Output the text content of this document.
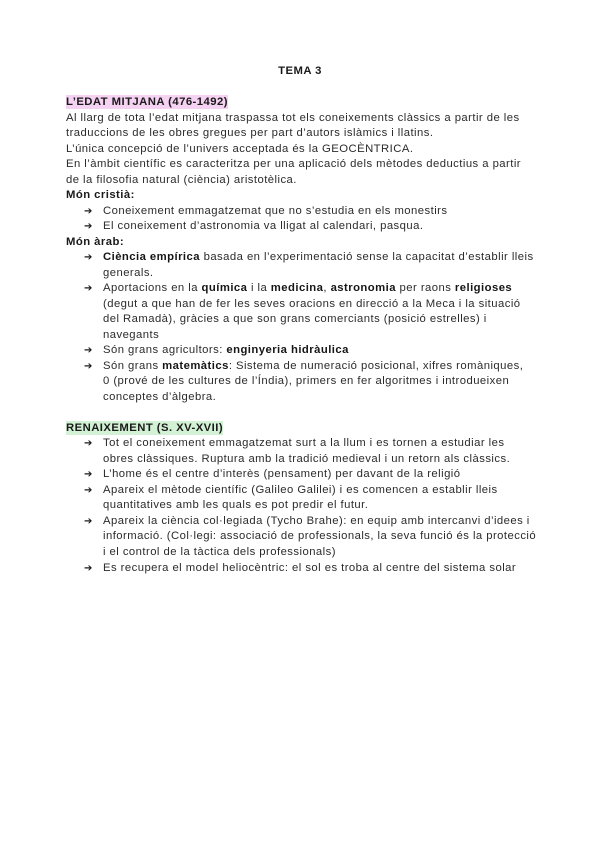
TEMA 3
L’EDAT MITJANA (476-1492)
Al llarg de tota l’edat mitjana traspassa tot els coneixements clàssics a partir de les
traduccions de les obres gregues per part d’autors islàmics i llatins.
L’única concepció de l’univers acceptada és la GEOCÈNTRICA.
En l’àmbit científic es caracteritza per una aplicació dels mètodes deductius a partir
de la filosofia natural (ciència) aristotèlica.
Món cristià:
➔ Coneixement emmagatzemat que no s’estudia en els monestirs
➔ El coneixement d’astronomia va lligat al calendari, pasqua.
Món àrab:
➔ Ciència empírica basada en l’experimentació sense la capacitat d’establir lleis
generals.
➔ Aportacions en la química i la medicina, astronomia per raons religioses
(degut a que han de fer les seves oracions en direcció a la Meca i la situació
del Ramadà), gràcies a que son grans comerciants (posició estrelles) i
navegants
➔ Són grans agricultors: enginyeria hidràulica
➔ Són grans matemàtics: Sistema de numeració posicional, xifres romàniques,
0 (prové de les cultures de l’Índia), primers en fer algoritmes i introdueixen
conceptes d’àlgebra.
RENAIXEMENT (S. XV-XVII)
➔ Tot el coneixement emmagatzemat surt a la llum i es tornen a estudiar les
obres clàssiques. Ruptura amb la tradició medieval i un retorn als clàssics.
➔ L’home és el centre d’interès (pensament) per davant de la religió
➔ Apareix el mètode científic (Galileo Galilei) i es comencen a establir lleis
quantitatives amb les quals es pot predir el futur.
➔ Apareix la ciència col·legiada (Tycho Brahe): en equip amb intercanvi d’idees i
informació. (Col·legi: associació de professionals, la seva funció és la protecció
i el control de la tàctica dels professionals)
➔ Es recupera el model heliocèntric: el sol es troba al centre del sistema solar
